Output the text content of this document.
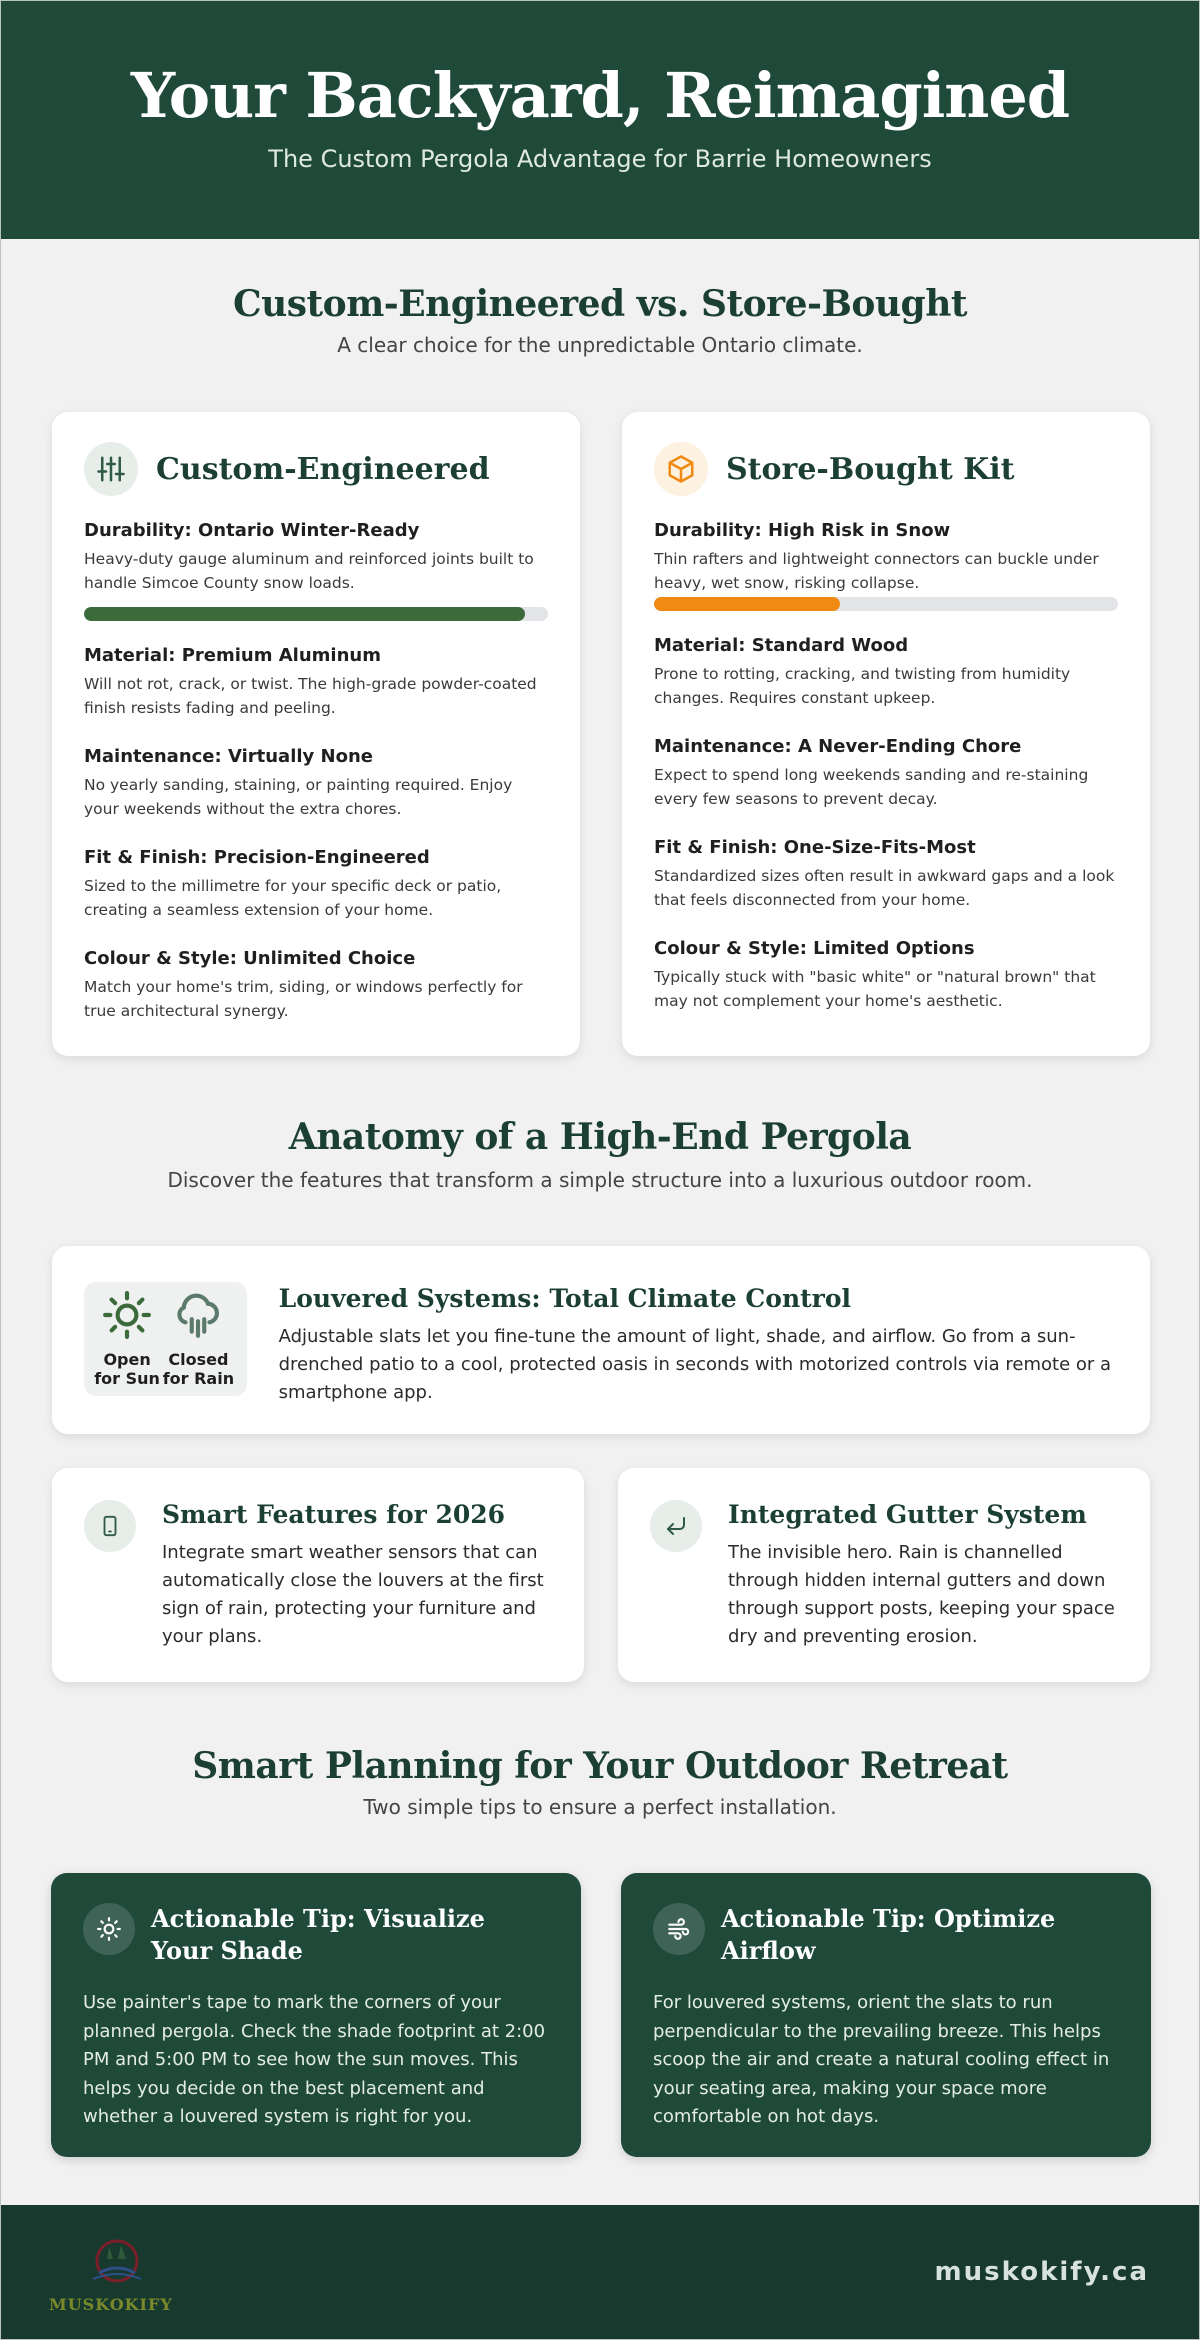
Your Backyard, Reimagined

The Custom Pergola Advantage for Barrie Homeowners

Custom-Engineered vs. Store-Bought

A clear choice for the unpredictable Ontario climate.

Custom-Engineered
Durability: Ontario Winter-Ready

Heavy-duty gauge aluminum and reinforced joints built to handle Simcoe County snow loads.

Material: Premium Aluminum

Will not rot, crack, or twist. The high-grade powder-coated finish resists fading and peeling.

Maintenance: Virtually None

No yearly sanding, staining, or painting required. Enjoy your weekends without the extra chores.

Fit & Finish: Precision-Engineered

Sized to the millimetre for your specific deck or patio, creating a seamless extension of your home.

Colour & Style: Unlimited Choice

Match your home's trim, siding, or windows perfectly for true architectural synergy.

Store-Bought Kit
Durability: High Risk in Snow

Thin rafters and lightweight connectors can buckle under heavy, wet snow, risking collapse.

Material: Standard Wood

Prone to rotting, cracking, and twisting from humidity changes. Requires constant upkeep.

Maintenance: A Never-Ending Chore

Expect to spend long weekends sanding and re-staining every few seasons to prevent decay.

Fit & Finish: One-Size-Fits-Most

Standardized sizes often result in awkward gaps and a look that feels disconnected from your home.

Colour & Style: Limited Options

Typically stuck with "basic white" or "natural brown" that may not complement your home's aesthetic.

Anatomy of a High-End Pergola

Discover the features that transform a simple structure into a luxurious outdoor room.

Open for Sun
Closed for Rain
Louvered Systems: Total Climate Control
Adjustable slats let you fine-tune the amount of light, shade, and airflow. Go from a sun-drenched patio to a cool, protected oasis in seconds with motorized controls via remote or a smartphone app.
Smart Features for 2026
Integrate smart weather sensors that can automatically close the louvers at the first sign of rain, protecting your furniture and your plans.
Integrated Gutter System
The invisible hero. Rain is channelled through hidden internal gutters and down through support posts, keeping your space dry and preventing erosion.
Smart Planning for Your Outdoor Retreat

Two simple tips to ensure a perfect installation.

Actionable Tip: Visualize Your Shade
Use painter's tape to mark the corners of your planned pergola. Check the shade footprint at 2:00 PM and 5:00 PM to see how the sun moves. This helps you decide on the best placement and whether a louvered system is right for you.
Actionable Tip: Optimize Airflow
For louvered systems, orient the slats to run perpendicular to the prevailing breeze. This helps scoop the air and create a natural cooling effect in your seating area, making your space more comfortable on hot days.
MUSKOKIFY
muskokify.ca
